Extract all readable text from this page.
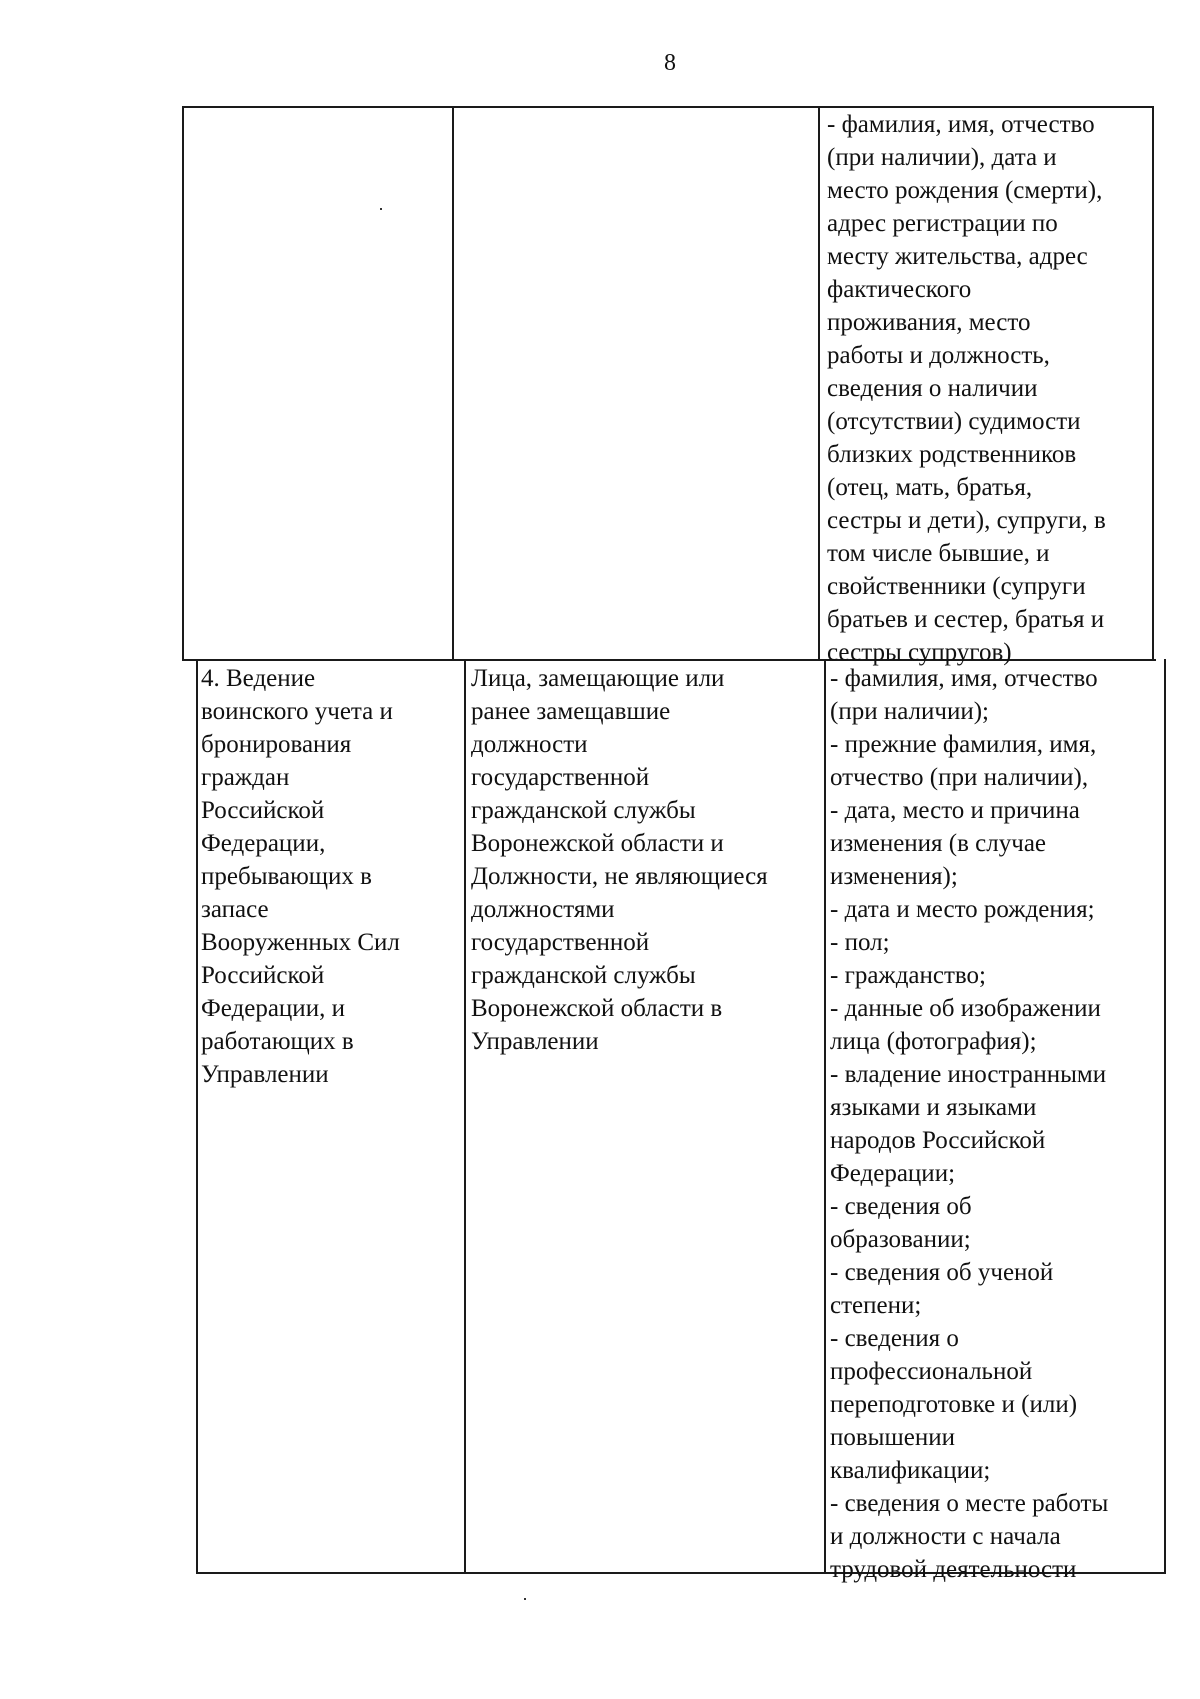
8
- фамилия, имя, отчество
(при наличии), дата и
место рождения (смерти),
адрес регистрации по
месту жительства, адрес
фактического
проживания, место
работы и должность,
сведения о наличии
(отсутствии) судимости
близких родственников
(отец, мать, братья,
сестры и дети), супруги, в
том числе бывшие, и
свойственники (супруги
братьев и сестер, братья и
сестры супругов)
4. Ведение
воинского учета и
бронирования
граждан
Российской
Федерации,
пребывающих в
запасе
Вооруженных Сил
Российской
Федерации, и
работающих в
Управлении
Лица, замещающие или
ранее замещавшие
должности
государственной
гражданской службы
Воронежской области и
Должности, не являющиеся
должностями
государственной
гражданской службы
Воронежской области в
Управлении
- фамилия, имя, отчество
(при наличии);
- прежние фамилия, имя,
отчество (при наличии),
- дата, место и причина
изменения (в случае
изменения);
- дата и место рождения;
- пол;
- гражданство;
- данные об изображении
лица (фотография);
- владение иностранными
языками и языками
народов Российской
Федерации;
- сведения об
образовании;
- сведения об ученой
степени;
- сведения о
профессиональной
переподготовке и (или)
повышении
квалификации;
- сведения о месте работы
и должности с начала
трудовой деятельности
